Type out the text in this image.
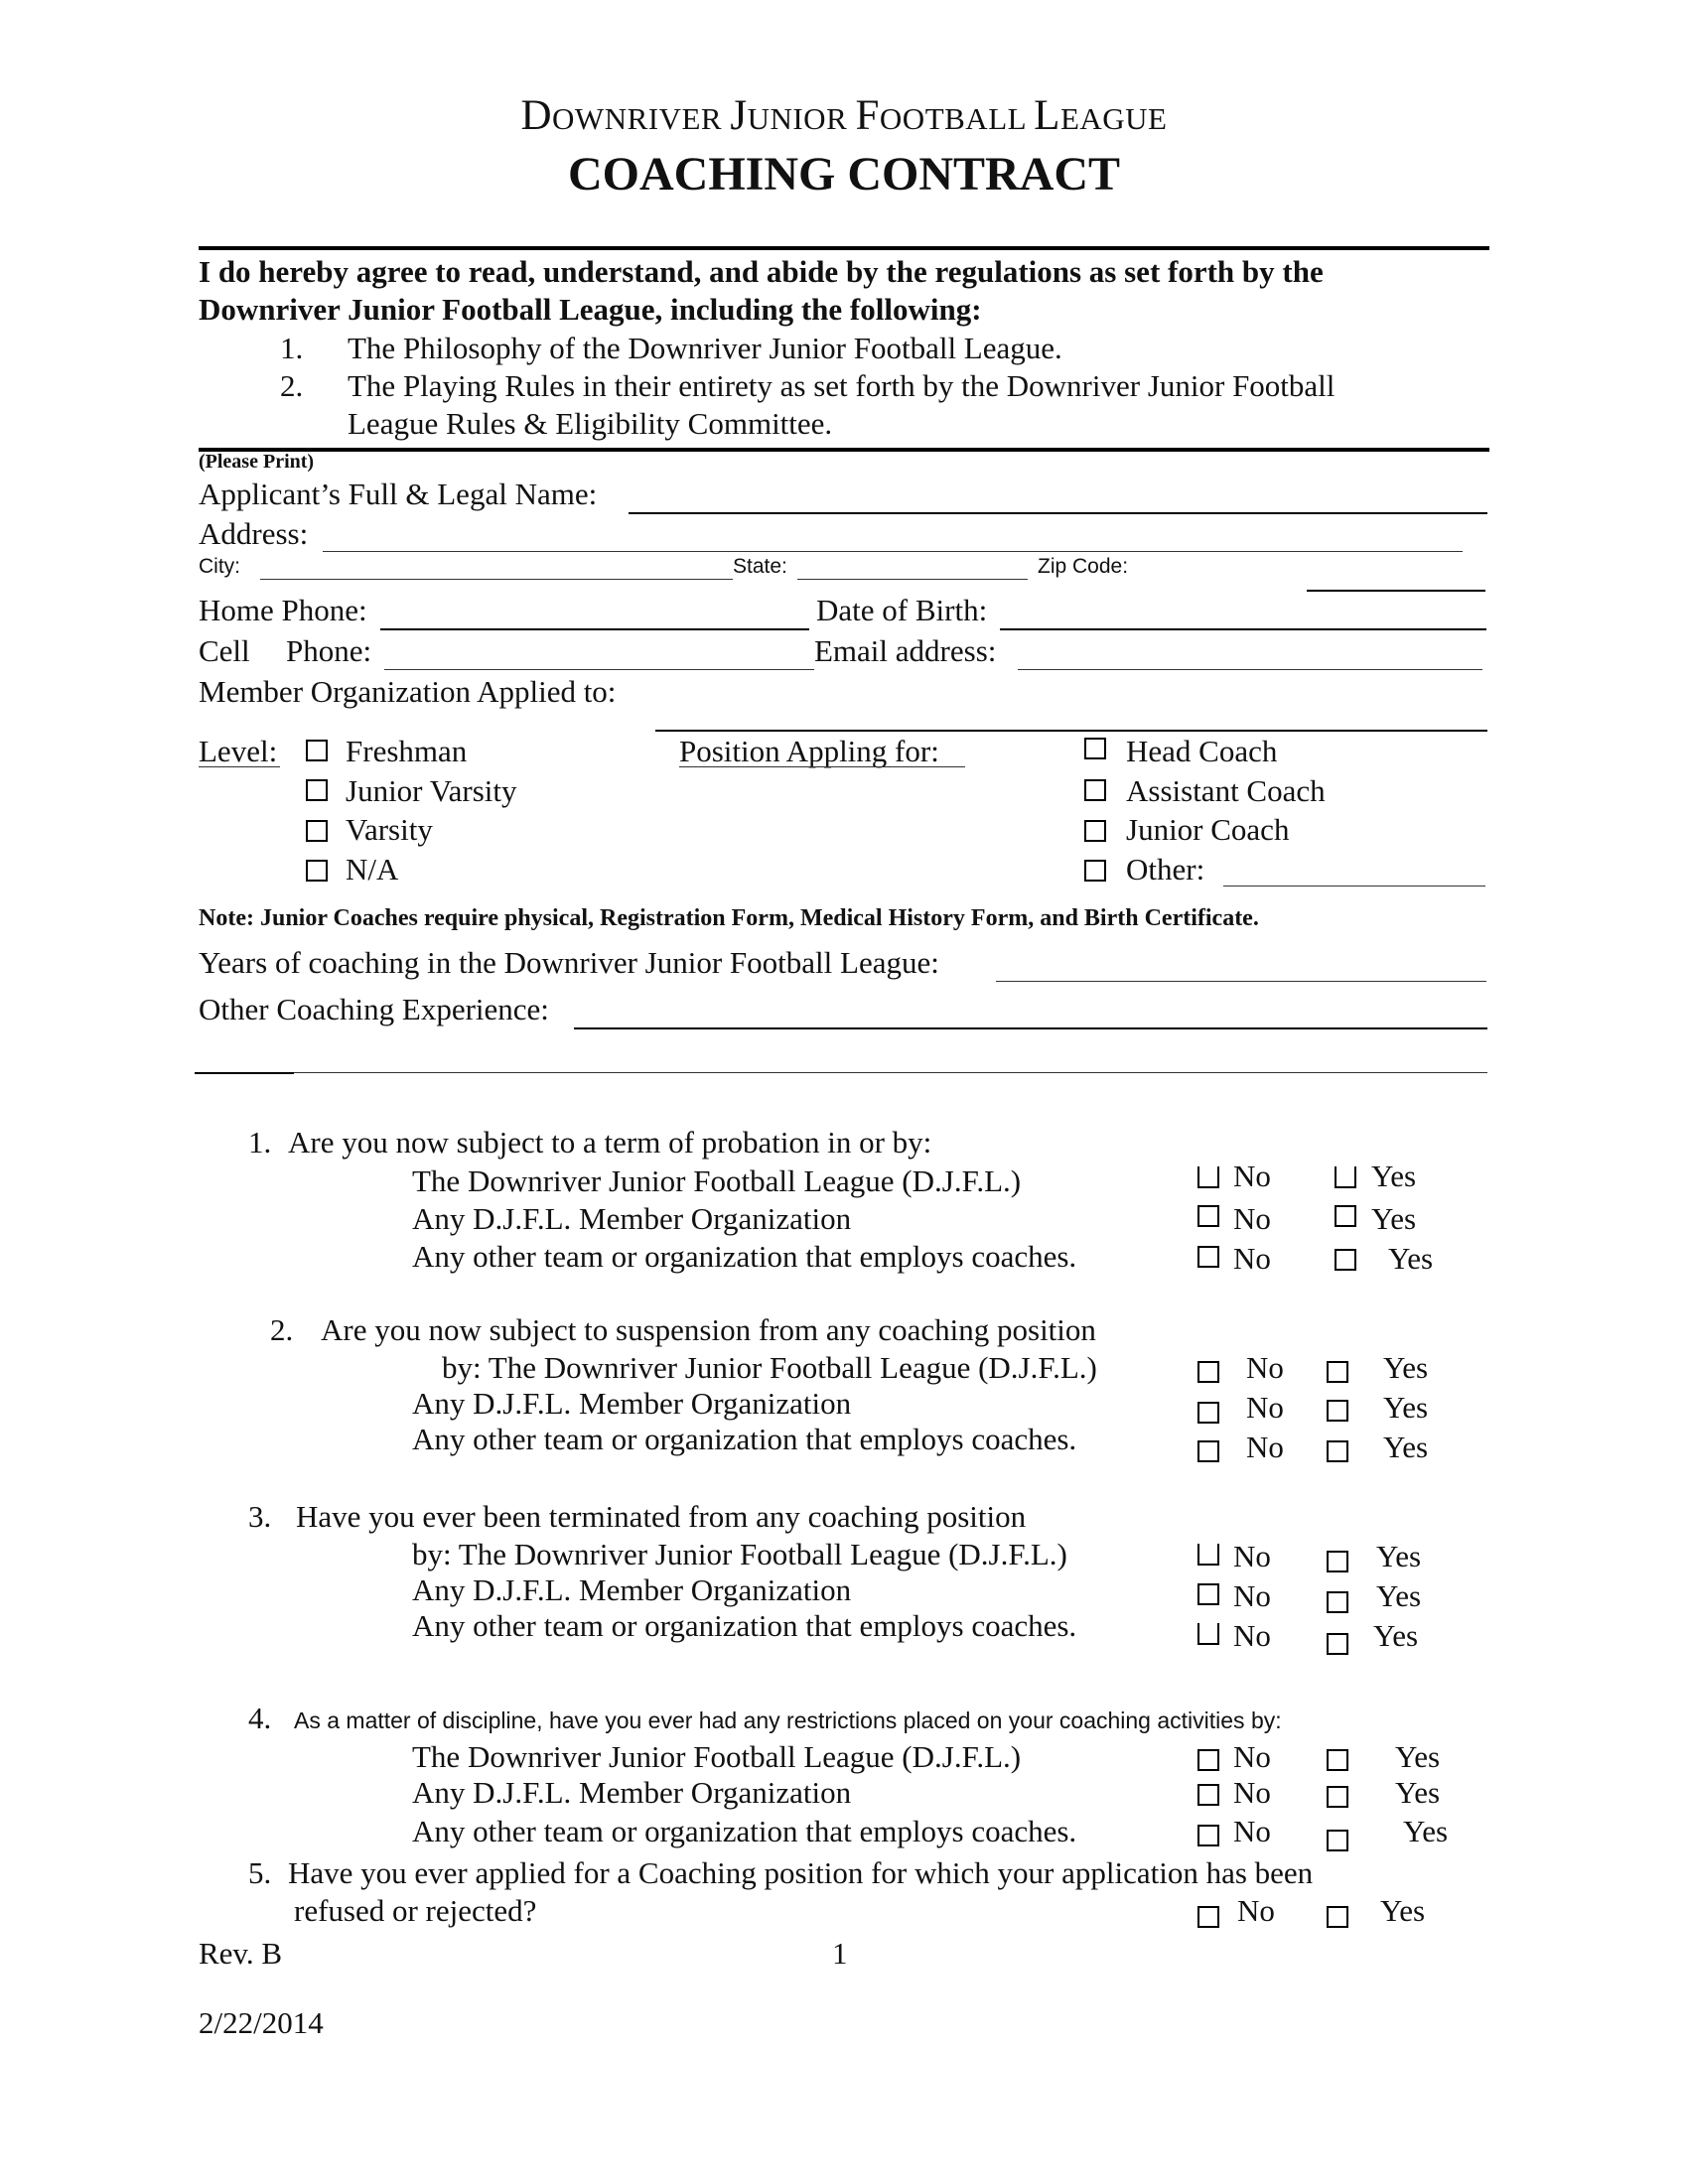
DOWNRIVER JUNIOR FOOTBALL LEAGUE
COACHING CONTRACT
I do hereby agree to read, understand, and abide by the regulations as set forth by the
Downriver Junior Football League, including the following:
1. The Philosophy of the Downriver Junior Football League.
2. The Playing Rules in their entirety as set forth by the Downriver Junior Football
League Rules & Eligibility Committee.
(Please Print)
Applicant’s Full & Legal Name:
Address:
City:	State:	Zip Code:
Home Phone:	Date of Birth:
Cell Phone:	Email address:
Member Organization Applied to:
Level: Freshman
Junior Varsity
Varsity
N/A
Position Appling for:	Head Coach
Assistant Coach
Junior Coach
Other:
Note: Junior Coaches require physical, Registration Form, Medical History Form, and Birth Certificate.
Years of coaching in the Downriver Junior Football League:
Other Coaching Experience:
1. Are you now subject to a term of probation in or by:
The Downriver Junior Football League (D.J.F.L.)	No	Yes
Any D.J.F.L. Member Organization	No	Yes
Any other team or organization that employs coaches.	No	Yes
2. Are you now subject to suspension from any coaching position
by: The Downriver Junior Football League (D.J.F.L.)	No	Yes
Any D.J.F.L. Member Organization	No	Yes
Any other team or organization that employs coaches.	No	Yes
3. Have you ever been terminated from any coaching position
by: The Downriver Junior Football League (D.J.F.L.)	No	Yes
Any D.J.F.L. Member Organization	No	Yes
Any other team or organization that employs coaches.	No	Yes
4. As a matter of discipline, have you ever had any restrictions placed on your coaching activities by:
The Downriver Junior Football League (D.J.F.L.)	No	Yes
Any D.J.F.L. Member Organization	No	Yes
Any other team or organization that employs coaches.	No	Yes
5. Have you ever applied for a Coaching position for which your application has been
refused or rejected?	No	Yes
Rev. B	1
2/22/2014
